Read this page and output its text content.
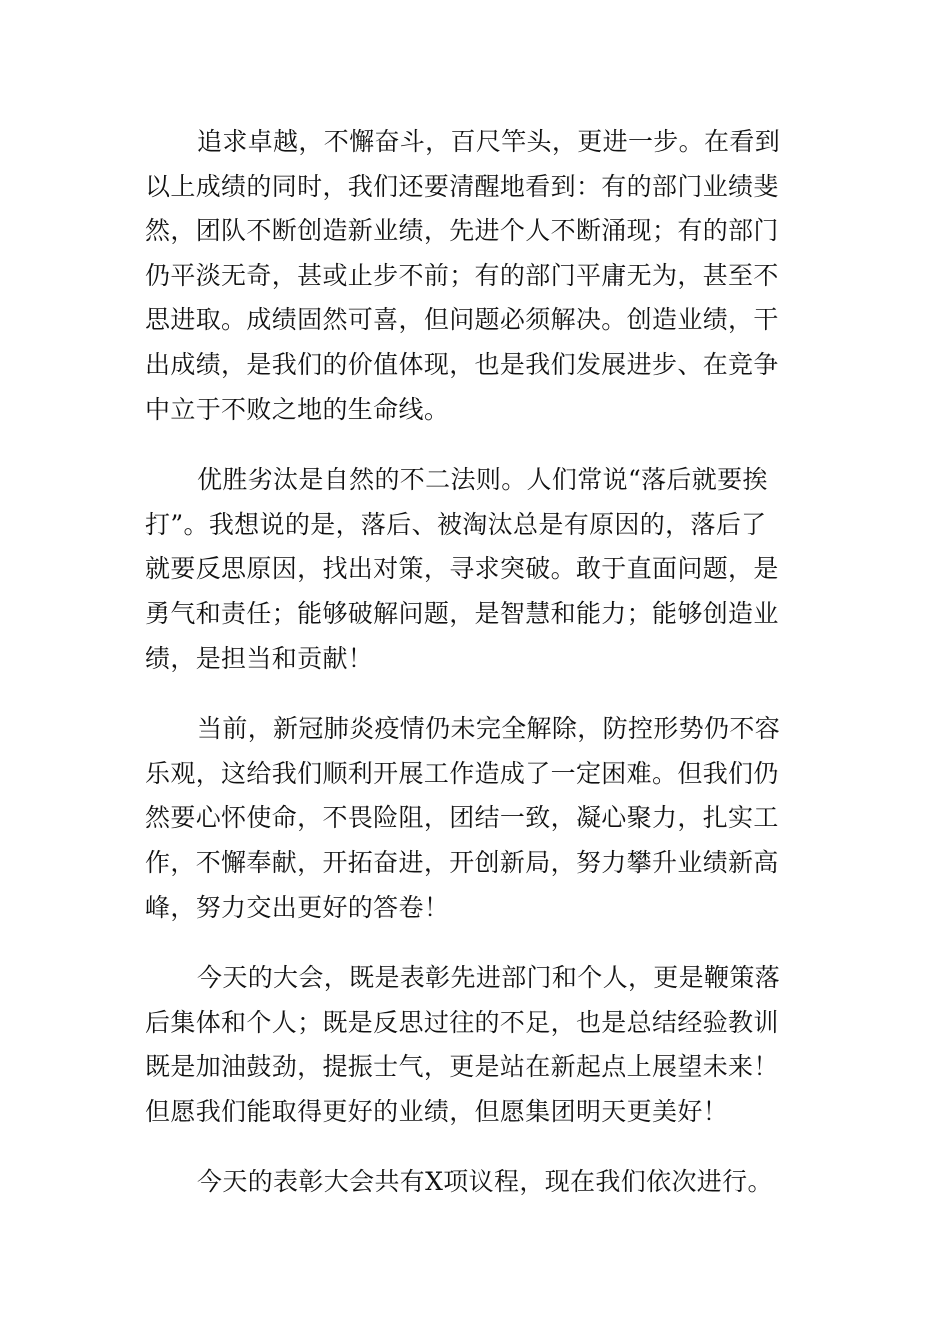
追求卓越，不懈奋斗，百尺竿头，更进一步。在看到
以上成绩的同时，我们还要清醒地看到：有的部门业绩斐
然，团队不断创造新业绩，先进个人不断涌现；有的部门
仍平淡无奇，甚或止步不前；有的部门平庸无为，甚至不
思进取。成绩固然可喜，但问题必须解决。创造业绩，干
出成绩，是我们的价值体现，也是我们发展进步、在竞争
中立于不败之地的生命线。
优胜劣汰是自然的不二法则。人们常说“落后就要挨
打”。我想说的是，落后、被淘汰总是有原因的，落后了
就要反思原因，找出对策，寻求突破。敢于直面问题，是
勇气和责任；能够破解问题，是智慧和能力；能够创造业
绩，是担当和贡献！
当前，新冠肺炎疫情仍未完全解除，防控形势仍不容
乐观，这给我们顺利开展工作造成了一定困难。但我们仍
然要心怀使命，不畏险阻，团结一致，凝心聚力，扎实工
作，不懈奉献，开拓奋进，开创新局，努力攀升业绩新高
峰，努力交出更好的答卷！
今天的大会，既是表彰先进部门和个人，更是鞭策落
后集体和个人；既是反思过往的不足，也是总结经验教训
既是加油鼓劲，提振士气，更是站在新起点上展望未来！
但愿我们能取得更好的业绩，但愿集团明天更美好！
今天的表彰大会共有X项议程，现在我们依次进行。
